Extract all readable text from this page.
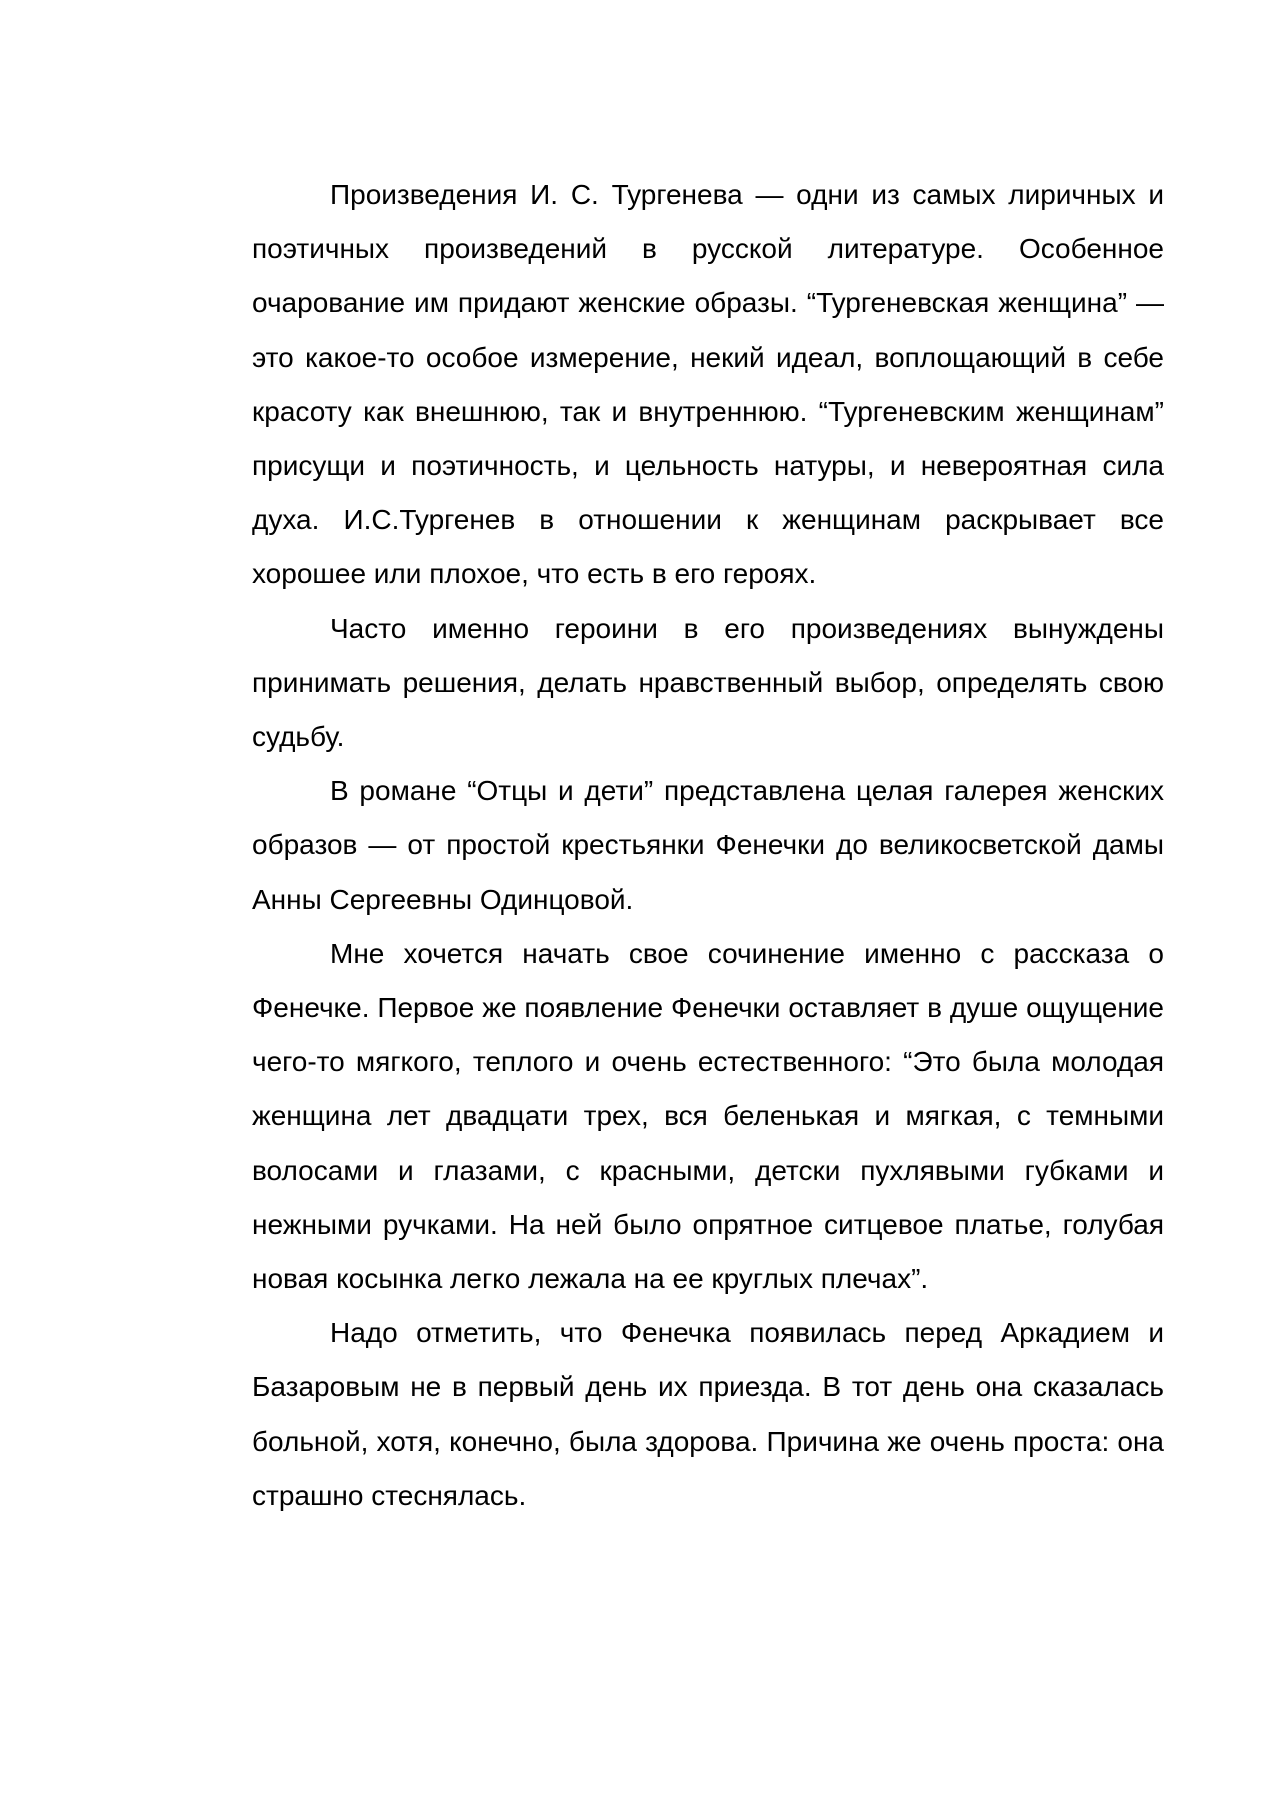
Произведения И. С. Тургенева — одни из самых лиричных и поэтичных произведений в русской литературе. Особенное очарование им придают женские образы. “Тургеневская женщина” — это какое-то особое измерение, некий идеал, воплощающий в себе красоту как внешнюю, так и внутреннюю. “Тургеневским женщинам” присущи и поэтичность, и цельность натуры, и невероятная сила духа. И.С.Тургенев в отношении к женщинам раскрывает все хорошее или плохое, что есть в его героях.

Часто именно героини в его произведениях вынуждены принимать решения, делать нравственный выбор, определять свою судьбу.

В романе “Отцы и дети” представлена целая галерея женских образов — от простой крестьянки Фенечки до великосветской дамы Анны Сергеевны Одинцовой.

Мне хочется начать свое сочинение именно с рассказа о Фенечке. Первое же появление Фенечки оставляет в душе ощущение чего-то мягкого, теплого и очень естественного: “Это была молодая женщина лет двадцати трех, вся беленькая и мягкая, с темными волосами и глазами, с красными, детски пухлявыми губками и нежными ручками. На ней было опрятное ситцевое платье, голубая новая косынка легко лежала на ее круглых плечах”.

Надо отметить, что Фенечка появилась перед Аркадием и Базаровым не в первый день их приезда. В тот день она сказалась больной, хотя, конечно, была здорова. Причина же очень проста: она страшно стеснялась.
